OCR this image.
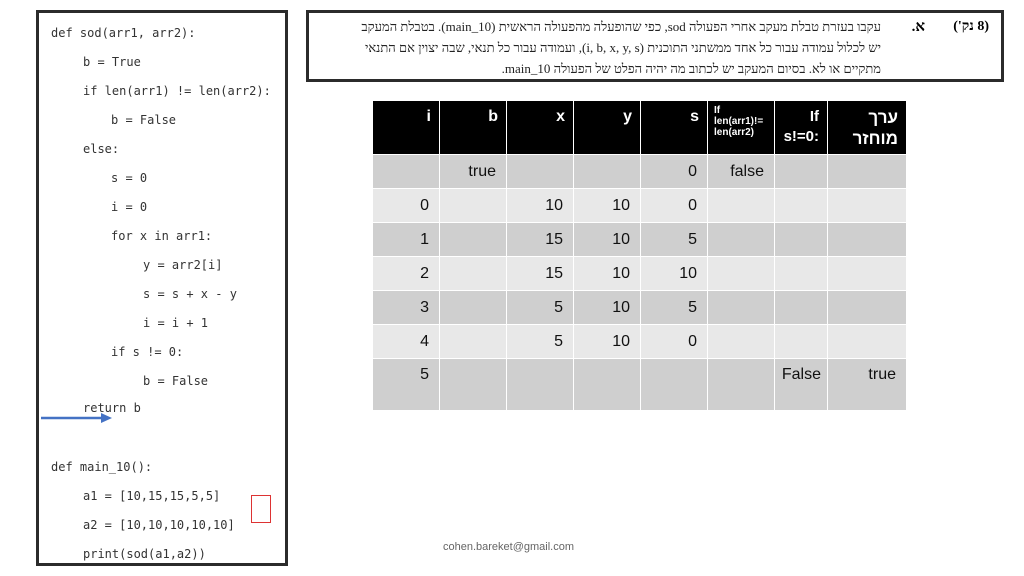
def sod(arr1, arr2):
b = True
if len(arr1) != len(arr2):
b = False
else:
s = 0
i = 0
for x in arr1:
y = arr2[i]
s = s + x - y
i = i + 1
if s != 0:
b = False
return b
def main_10():
a1 = [10,15,15,5,5]
a2 = [10,10,10,10,10]
print(sod(a1,a2))
(8 נק')
א.
עקבו בעזרת טבלת מעקב אחרי הפעולה sod, כפי שהופעלה מהפעולה הראשית (main_10). בטבלת המעקב
יש לכלול עמודה עבור כל אחד ממשתני התוכנית (i, b, x, y, s), ועמודה עבור כל תנאי, שבה יצוין אם התנאי
מתקיים או לא. בסיום המעקב יש לכתוב מה יהיה הפלט של הפעולה main_10.
i	b	x	y	s	If len(arr1)!= len(arr2)	If s!=0:	ערך מוחזר
	true			0	false		
0		10	10	0			
1		15	10	5			
2		15	10	10			
3		5	10	5			
4		5	10	0			
5						False	true
cohen.bareket@gmail.com
